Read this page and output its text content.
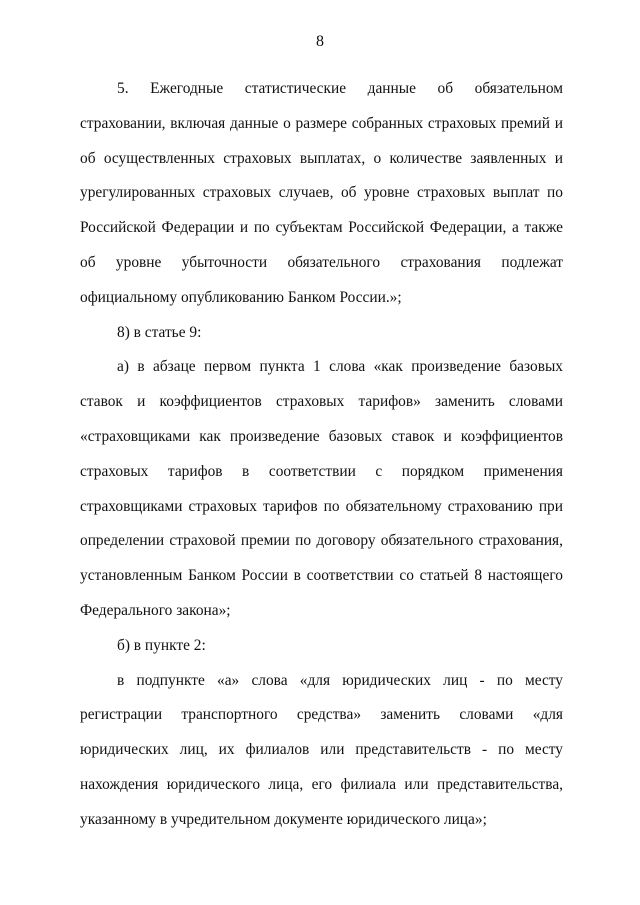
8

5. Ежегодные статистические данные об обязательном страховании, включая данные о размере собранных страховых премий и об осуществленных страховых выплатах, о количестве заявленных и урегулированных страховых случаев, об уровне страховых выплат по Российской Федерации и по субъектам Российской Федерации, а также об уровне убыточности обязательного страхования подлежат официальному опубликованию Банком России.»;

8) в статье 9:

а) в абзаце первом пункта 1 слова «как произведение базовых ставок и коэффициентов страховых тарифов» заменить словами «страховщиками как произведение базовых ставок и коэффициентов страховых тарифов в соответствии с порядком применения страховщиками страховых тарифов по обязательному страхованию при определении страховой премии по договору обязательного страхования, установленным Банком России в соответствии со статьей 8 настоящего Федерального закона»;

б) в пункте 2:

в подпункте «а» слова «для юридических лиц - по месту регистрации транспортного средства» заменить словами «для юридических лиц, их филиалов или представительств - по месту нахождения юридического лица, его филиала или представительства, указанному в учредительном документе юридического лица»;
